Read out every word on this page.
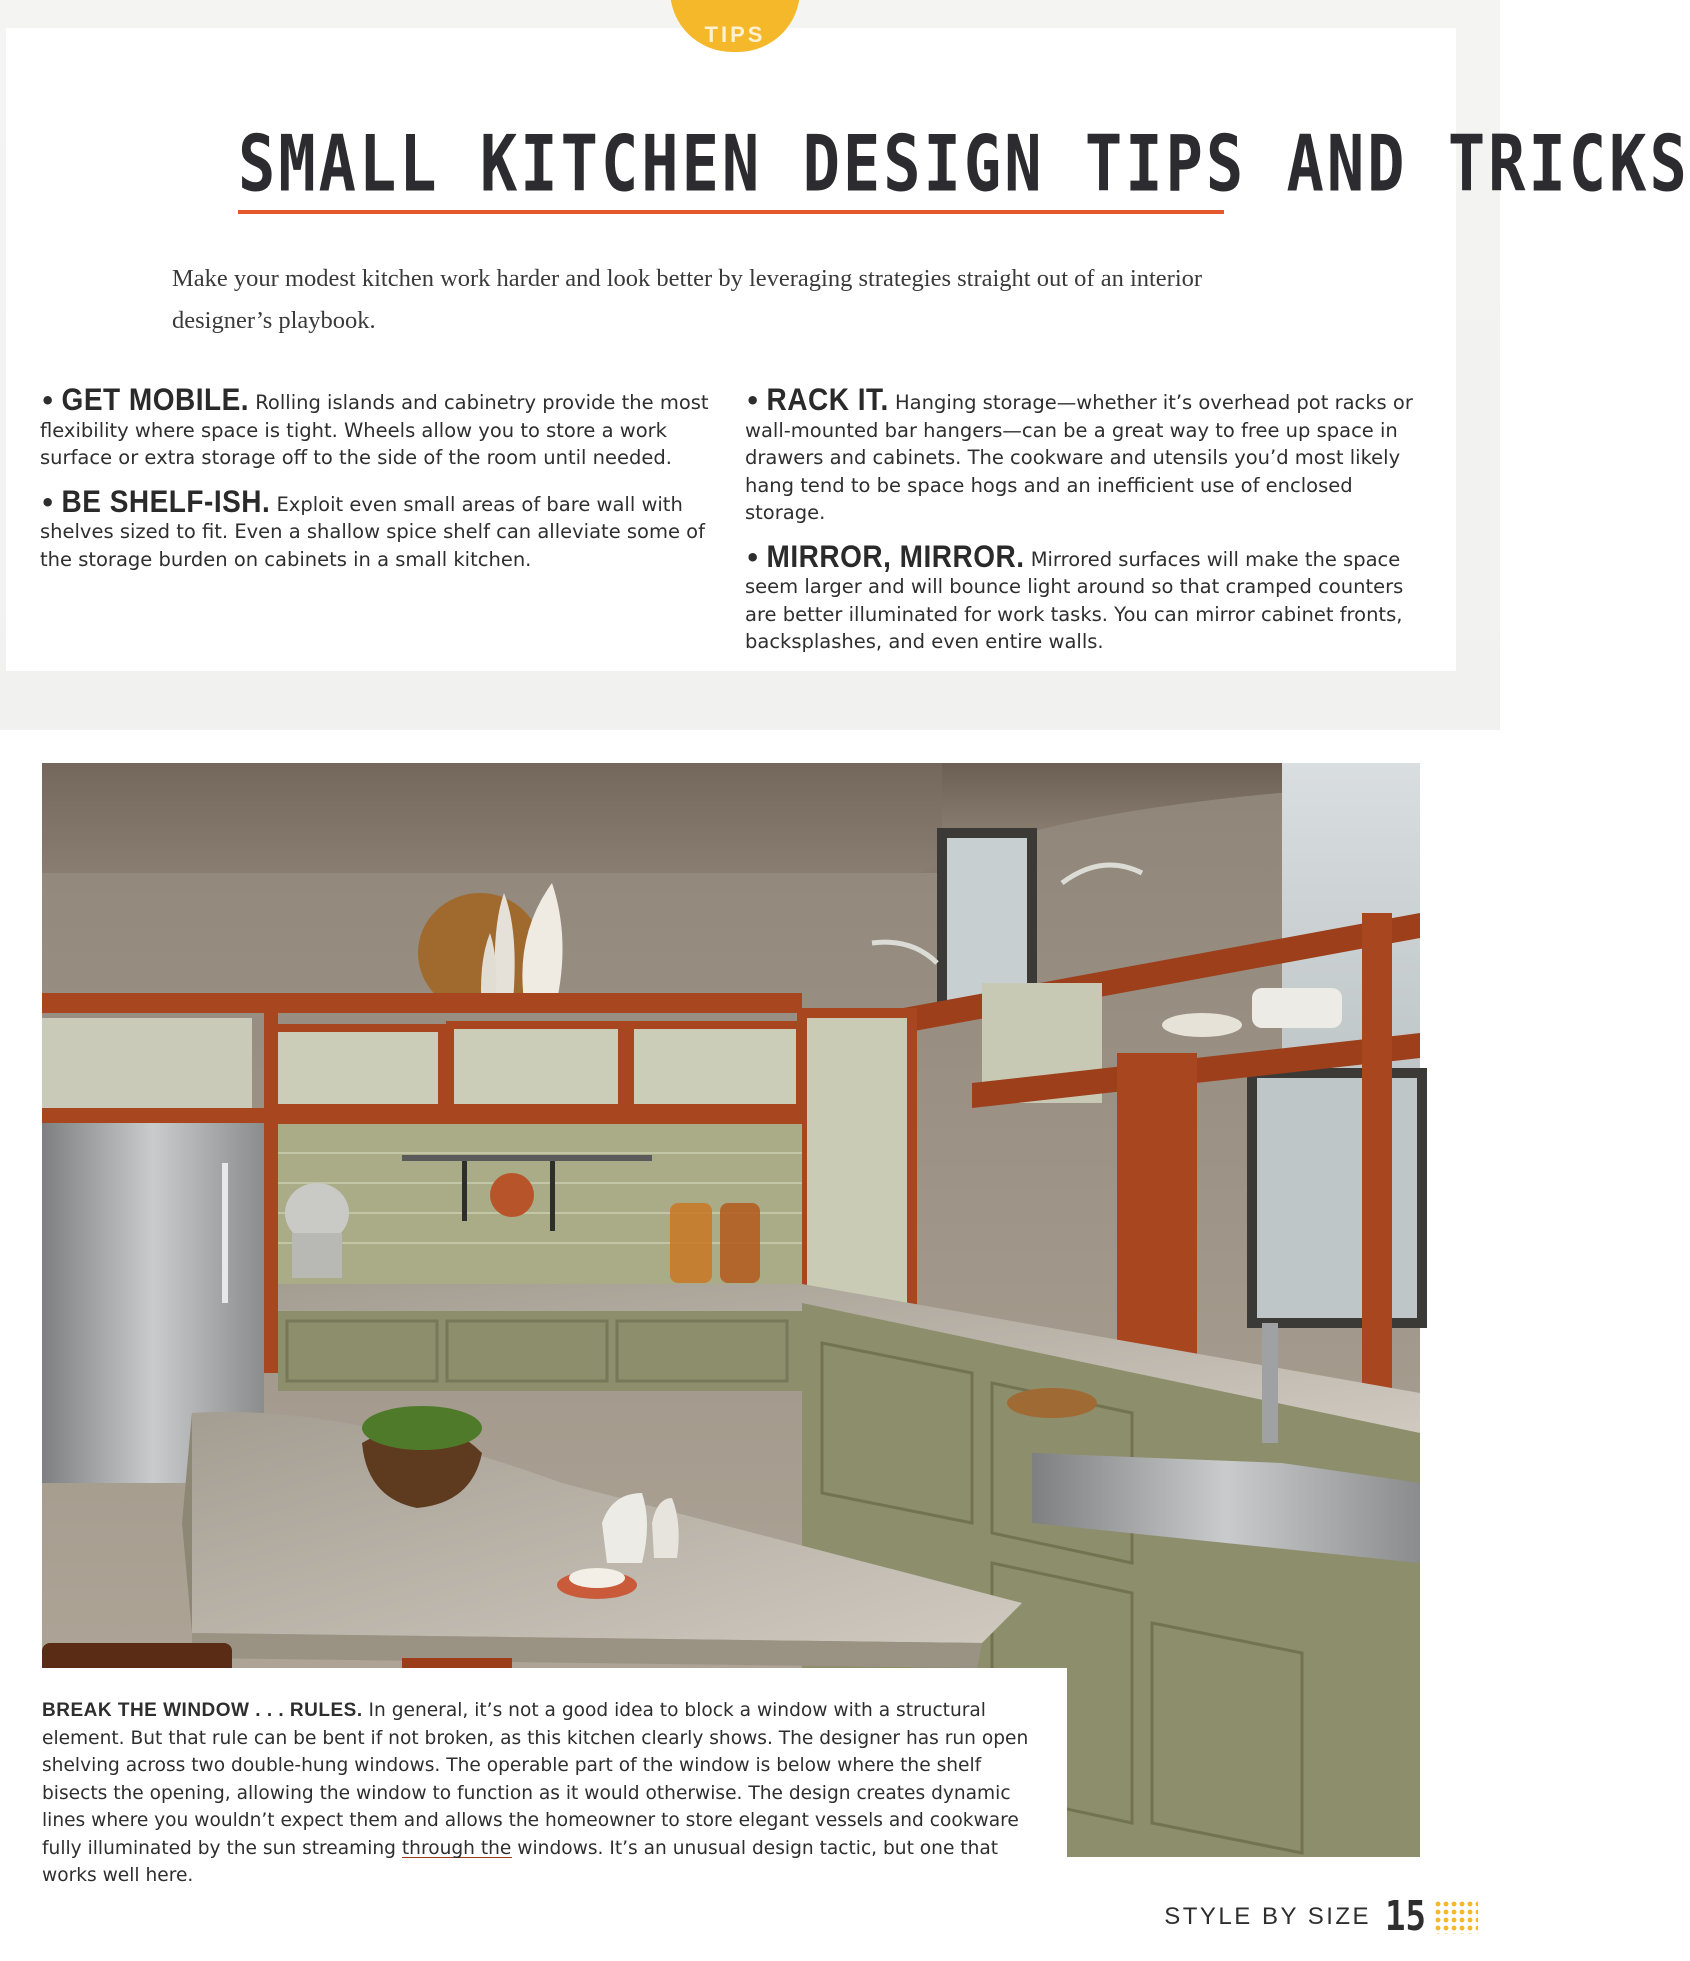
TIPS
SMALL KITCHEN DESIGN TIPS AND TRICKS
Make your modest kitchen work harder and look better by leveraging strategies straight out of an interior designer’s playbook.
• GET MOBILE. Rolling islands and cabinetry provide the most flexibility where space is tight. Wheels allow you to store a work surface or extra storage off to the side of the room until needed.
• BE SHELF-ISH. Exploit even small areas of bare wall with shelves sized to fit. Even a shallow spice shelf can alleviate some of the storage burden on cabinets in a small kitchen.
• RACK IT. Hanging storage—whether it’s overhead pot racks or wall-mounted bar hangers—can be a great way to free up space in drawers and cabinets. The cookware and utensils you’d most likely hang tend to be space hogs and an inefficient use of enclosed storage.
• MIRROR, MIRROR. Mirrored surfaces will make the space seem larger and will bounce light around so that cramped counters are better illuminated for work tasks. You can mirror cabinet fronts, backsplashes, and even entire walls.
BREAK THE WINDOW . . . RULES. In general, it’s not a good idea to block a window with a structural element. But that rule can be bent if not broken, as this kitchen clearly shows. The designer has run open shelving across two double-hung windows. The operable part of the window is below where the shelf bisects the opening, allowing the window to function as it would otherwise. The design creates dynamic lines where you wouldn’t expect them and allows the homeowner to store elegant vessels and cookware fully illuminated by the sun streaming through the windows. It’s an unusual design tactic, but one that works well here.
STYLE BY SIZE 15
